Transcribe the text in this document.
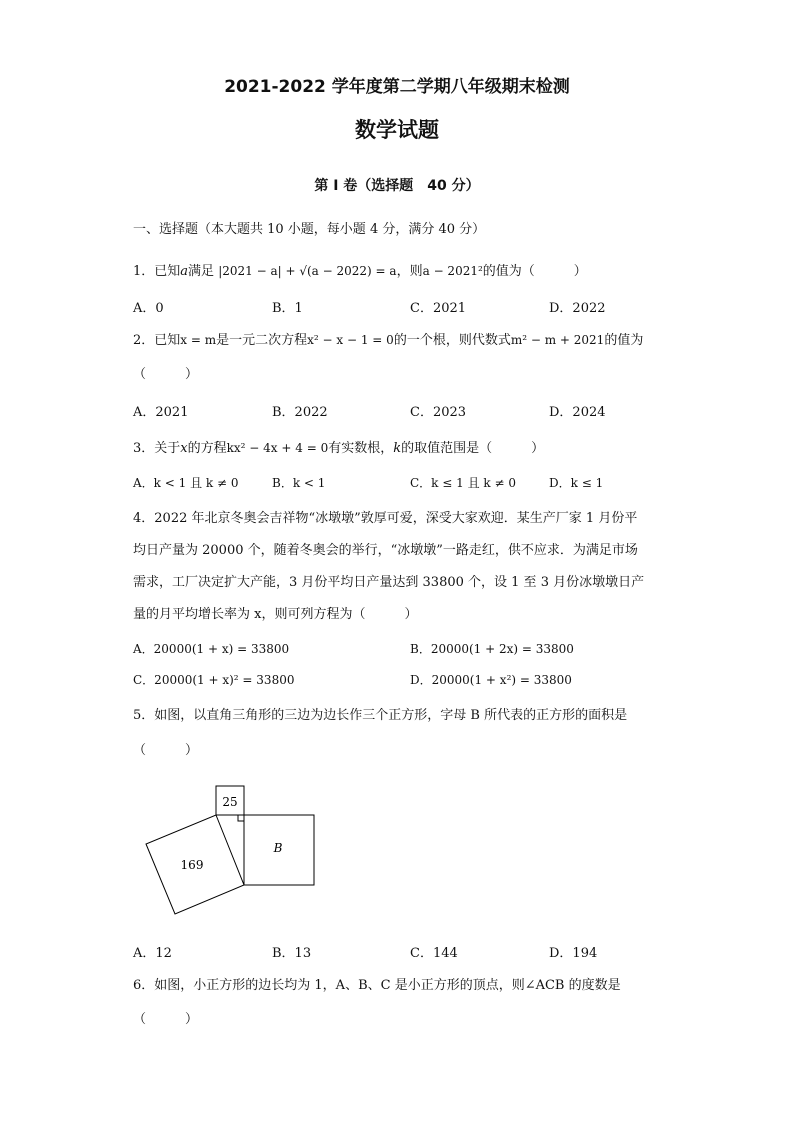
2021-2022 学年度第二学期八年级期末检测
数学试题
第 I 卷（选择题　40 分）
一、选择题（本大题共 10 小题，每小题 4 分，满分 40 分）
1．已知a满足 |2021 − a| + √(a − 2022) = a，则a − 2021²的值为（　　　）
A．0	B．1	C．2021	D．2022
2．已知x = m是一元二次方程x² − x − 1 = 0的一个根，则代数式m² − m + 2021的值为
（　　　）
A．2021	B．2022	C．2023	D．2024
3．关于x的方程kx² − 4x + 4 = 0有实数根，k的取值范围是（　　　）
A．k < 1 且 k ≠ 0	B．k < 1	C．k ≤ 1 且 k ≠ 0	D．k ≤ 1
4．2022 年北京冬奥会吉祥物“冰墩墩”敦厚可爱，深受大家欢迎．某生产厂家 1 月份平
均日产量为 20000 个，随着冬奥会的举行，“冰墩墩”一路走红，供不应求．为满足市场
需求，工厂决定扩大产能，3 月份平均日产量达到 33800 个，设 1 至 3 月份冰墩墩日产
量的月平均增长率为 x，则可列方程为（　　　）
A．20000(1 + x) = 33800	B．20000(1 + 2x) = 33800
C．20000(1 + x)² = 33800	D．20000(1 + x²) = 33800
5．如图，以直角三角形的三边为边长作三个正方形，字母 B 所代表的正方形的面积是
（　　　）
25
169
B
A．12	B．13	C．144	D．194
6．如图，小正方形的边长均为 1，A、B、C 是小正方形的顶点，则∠ACB 的度数是
（　　　）
